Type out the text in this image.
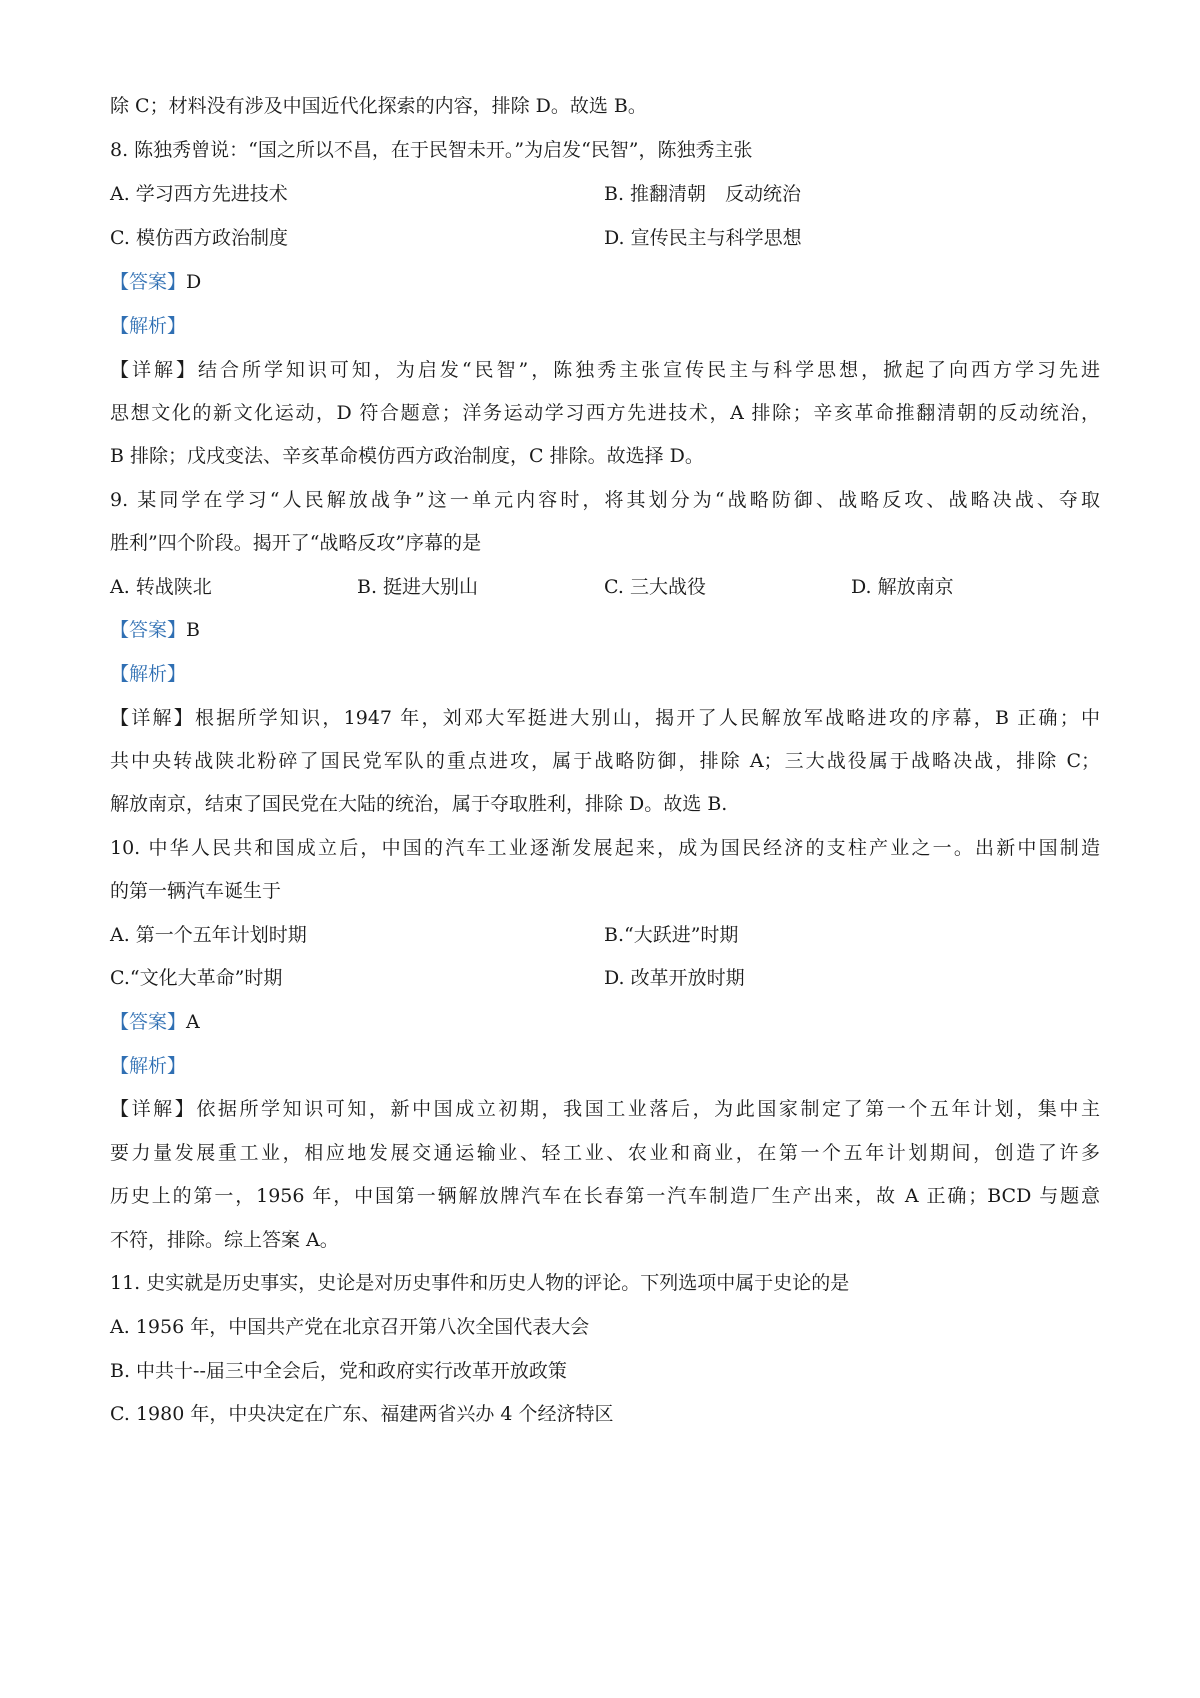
除 C；材料没有涉及中国近代化探索的内容，排除 D。故选 B。
8. 陈独秀曾说：“国之所以不昌，在于民智未开。”为启发“民智”，陈独秀主张
A. 学习西方先进技术	B. 推翻清朝　反动统治
C. 模仿西方政治制度	D. 宣传民主与科学思想
【答案】D
【解析】
【详解】结合所学知识可知，为启发“民智”，陈独秀主张宣传民主与科学思想，掀起了向西方学习先进
思想文化的新文化运动，D 符合题意；洋务运动学习西方先进技术，A 排除；辛亥革命推翻清朝的反动统治，
B 排除；戊戌变法、辛亥革命模仿西方政治制度，C 排除。故选择 D。
9. 某同学在学习“人民解放战争”这一单元内容时，将其划分为“战略防御、战略反攻、战略决战、夺取
胜利”四个阶段。揭开了“战略反攻”序幕的是
A. 转战陕北	B. 挺进大别山	C. 三大战役	D. 解放南京
【答案】B
【解析】
【详解】根据所学知识，1947 年，刘邓大军挺进大别山，揭开了人民解放军战略进攻的序幕，B 正确；中
共中央转战陕北粉碎了国民党军队的重点进攻，属于战略防御，排除 A；三大战役属于战略决战，排除 C；
解放南京，结束了国民党在大陆的统治，属于夺取胜利，排除 D。故选 B.
10. 中华人民共和国成立后，中国的汽车工业逐渐发展起来，成为国民经济的支柱产业之一。出新中国制造
的第一辆汽车诞生于
A. 第一个五年计划时期	B.“大跃进”时期
C.“文化大革命”时期	D. 改革开放时期
【答案】A
【解析】
【详解】依据所学知识可知，新中国成立初期，我国工业落后，为此国家制定了第一个五年计划，集中主
要力量发展重工业，相应地发展交通运输业、轻工业、农业和商业，在第一个五年计划期间，创造了许多
历史上的第一，1956 年，中国第一辆解放牌汽车在长春第一汽车制造厂生产出来，故 A 正确；BCD 与题意
不符，排除。综上答案 A。
11. 史实就是历史事实，史论是对历史事件和历史人物的评论。下列选项中属于史论的是
A. 1956 年，中国共产党在北京召开第八次全国代表大会
B. 中共十--届三中全会后，党和政府实行改革开放政策
C. 1980 年，中央决定在广东、福建两省兴办 4 个经济特区
